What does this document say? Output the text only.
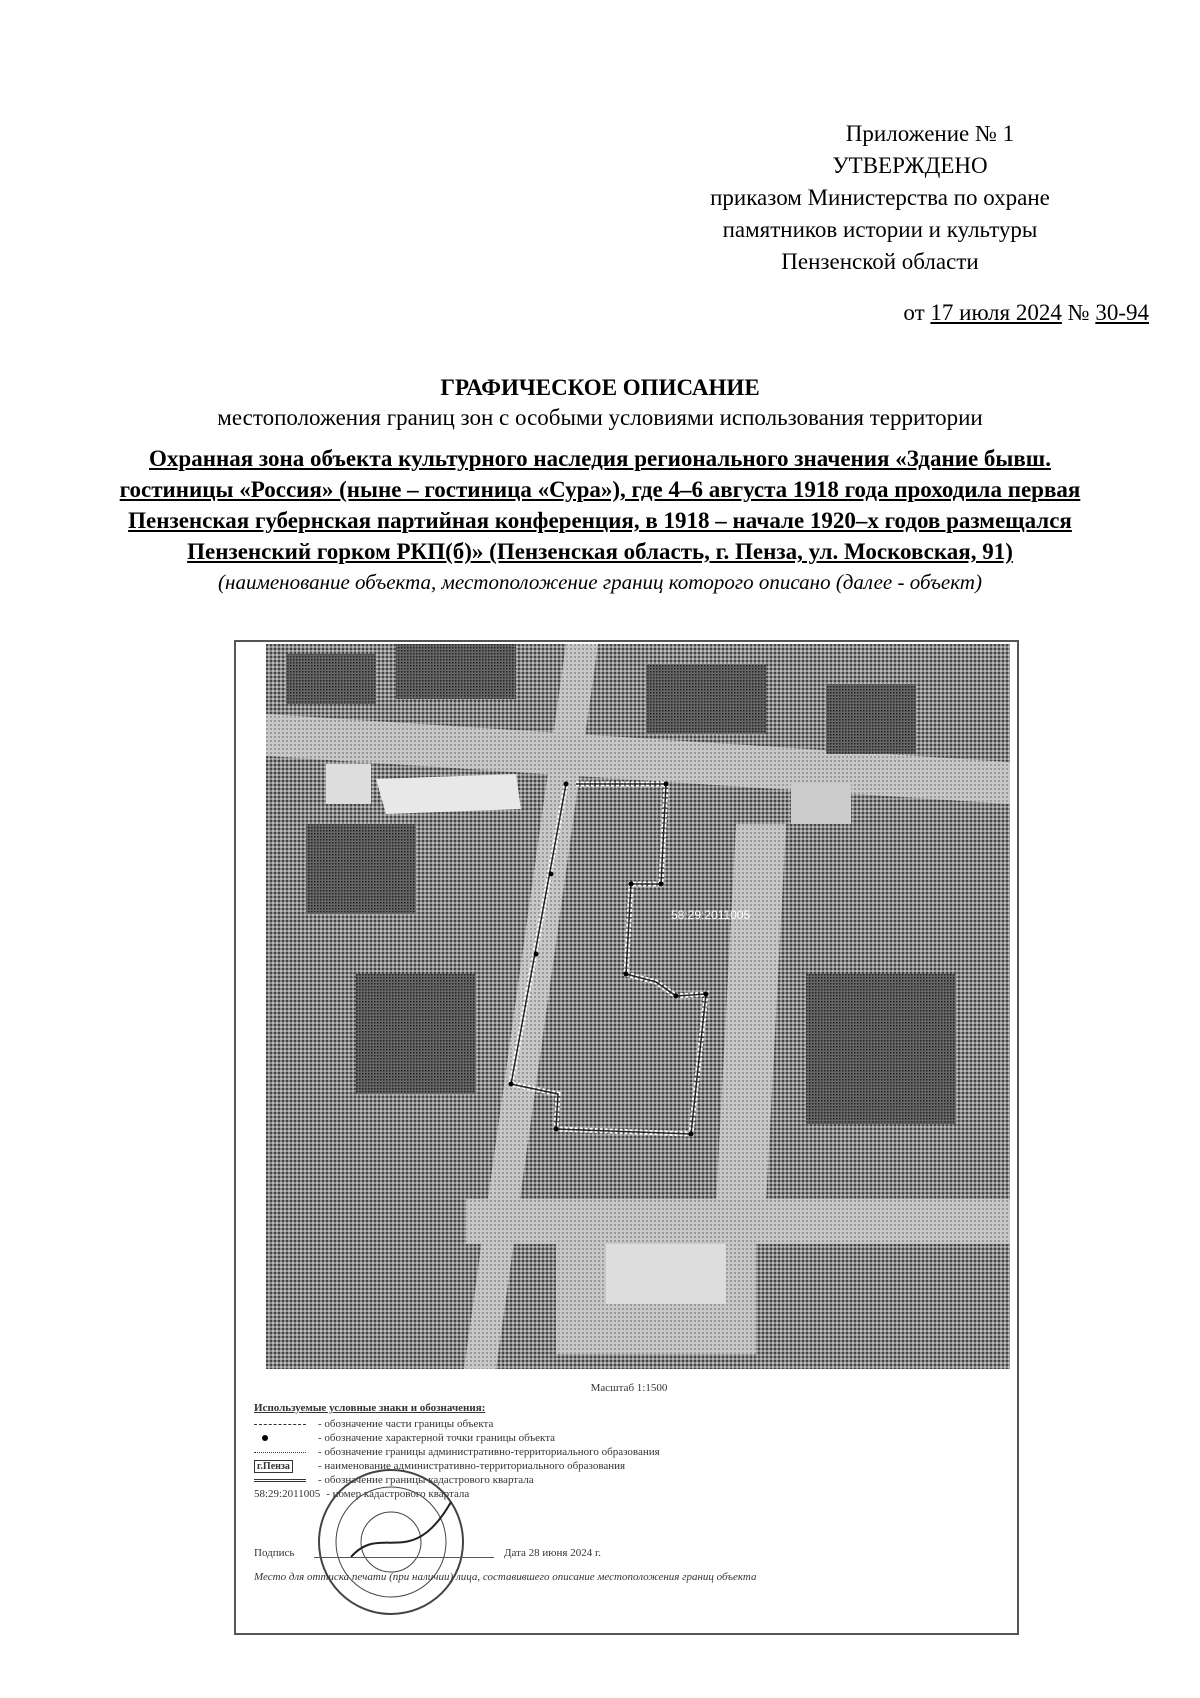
Приложение № 1
УТВЕРЖДЕНО
приказом Министерства по охране
памятников истории и культуры
Пензенской области
от 17 июля 2024 № 30-94
ГРАФИЧЕСКОЕ ОПИСАНИЕ
местоположения границ зон с особыми условиями использования территории
Охранная зона объекта культурного наследия регионального значения «Здание бывш. гостиницы «Россия» (ныне – гостиница «Сура»), где 4–6 августа 1918 года проходила первая Пензенская губернская партийная конференция, в 1918 – начале 1920–х годов размещался Пензенский горком РКП(б)» (Пензенская область, г. Пенза, ул. Московская, 91)
(наименование объекта, местоположение границ которого описано (далее - объект)
58:29:2011005
Масштаб 1:1500
Используемые условные знаки и обозначения:
- обозначение части границы объекта
- обозначение характерной точки границы объекта
- обозначение границы административно-территориального образования
г.Пенза	- наименование административно-территориального образования
- обозначение границы кадастрового квартала
58:29:2011005 - номер кадастрового квартала
Подпись	Дата 28 июня 2024 г.
Место для оттиска печати (при наличии) лица, составившего описание местоположения границ объекта
